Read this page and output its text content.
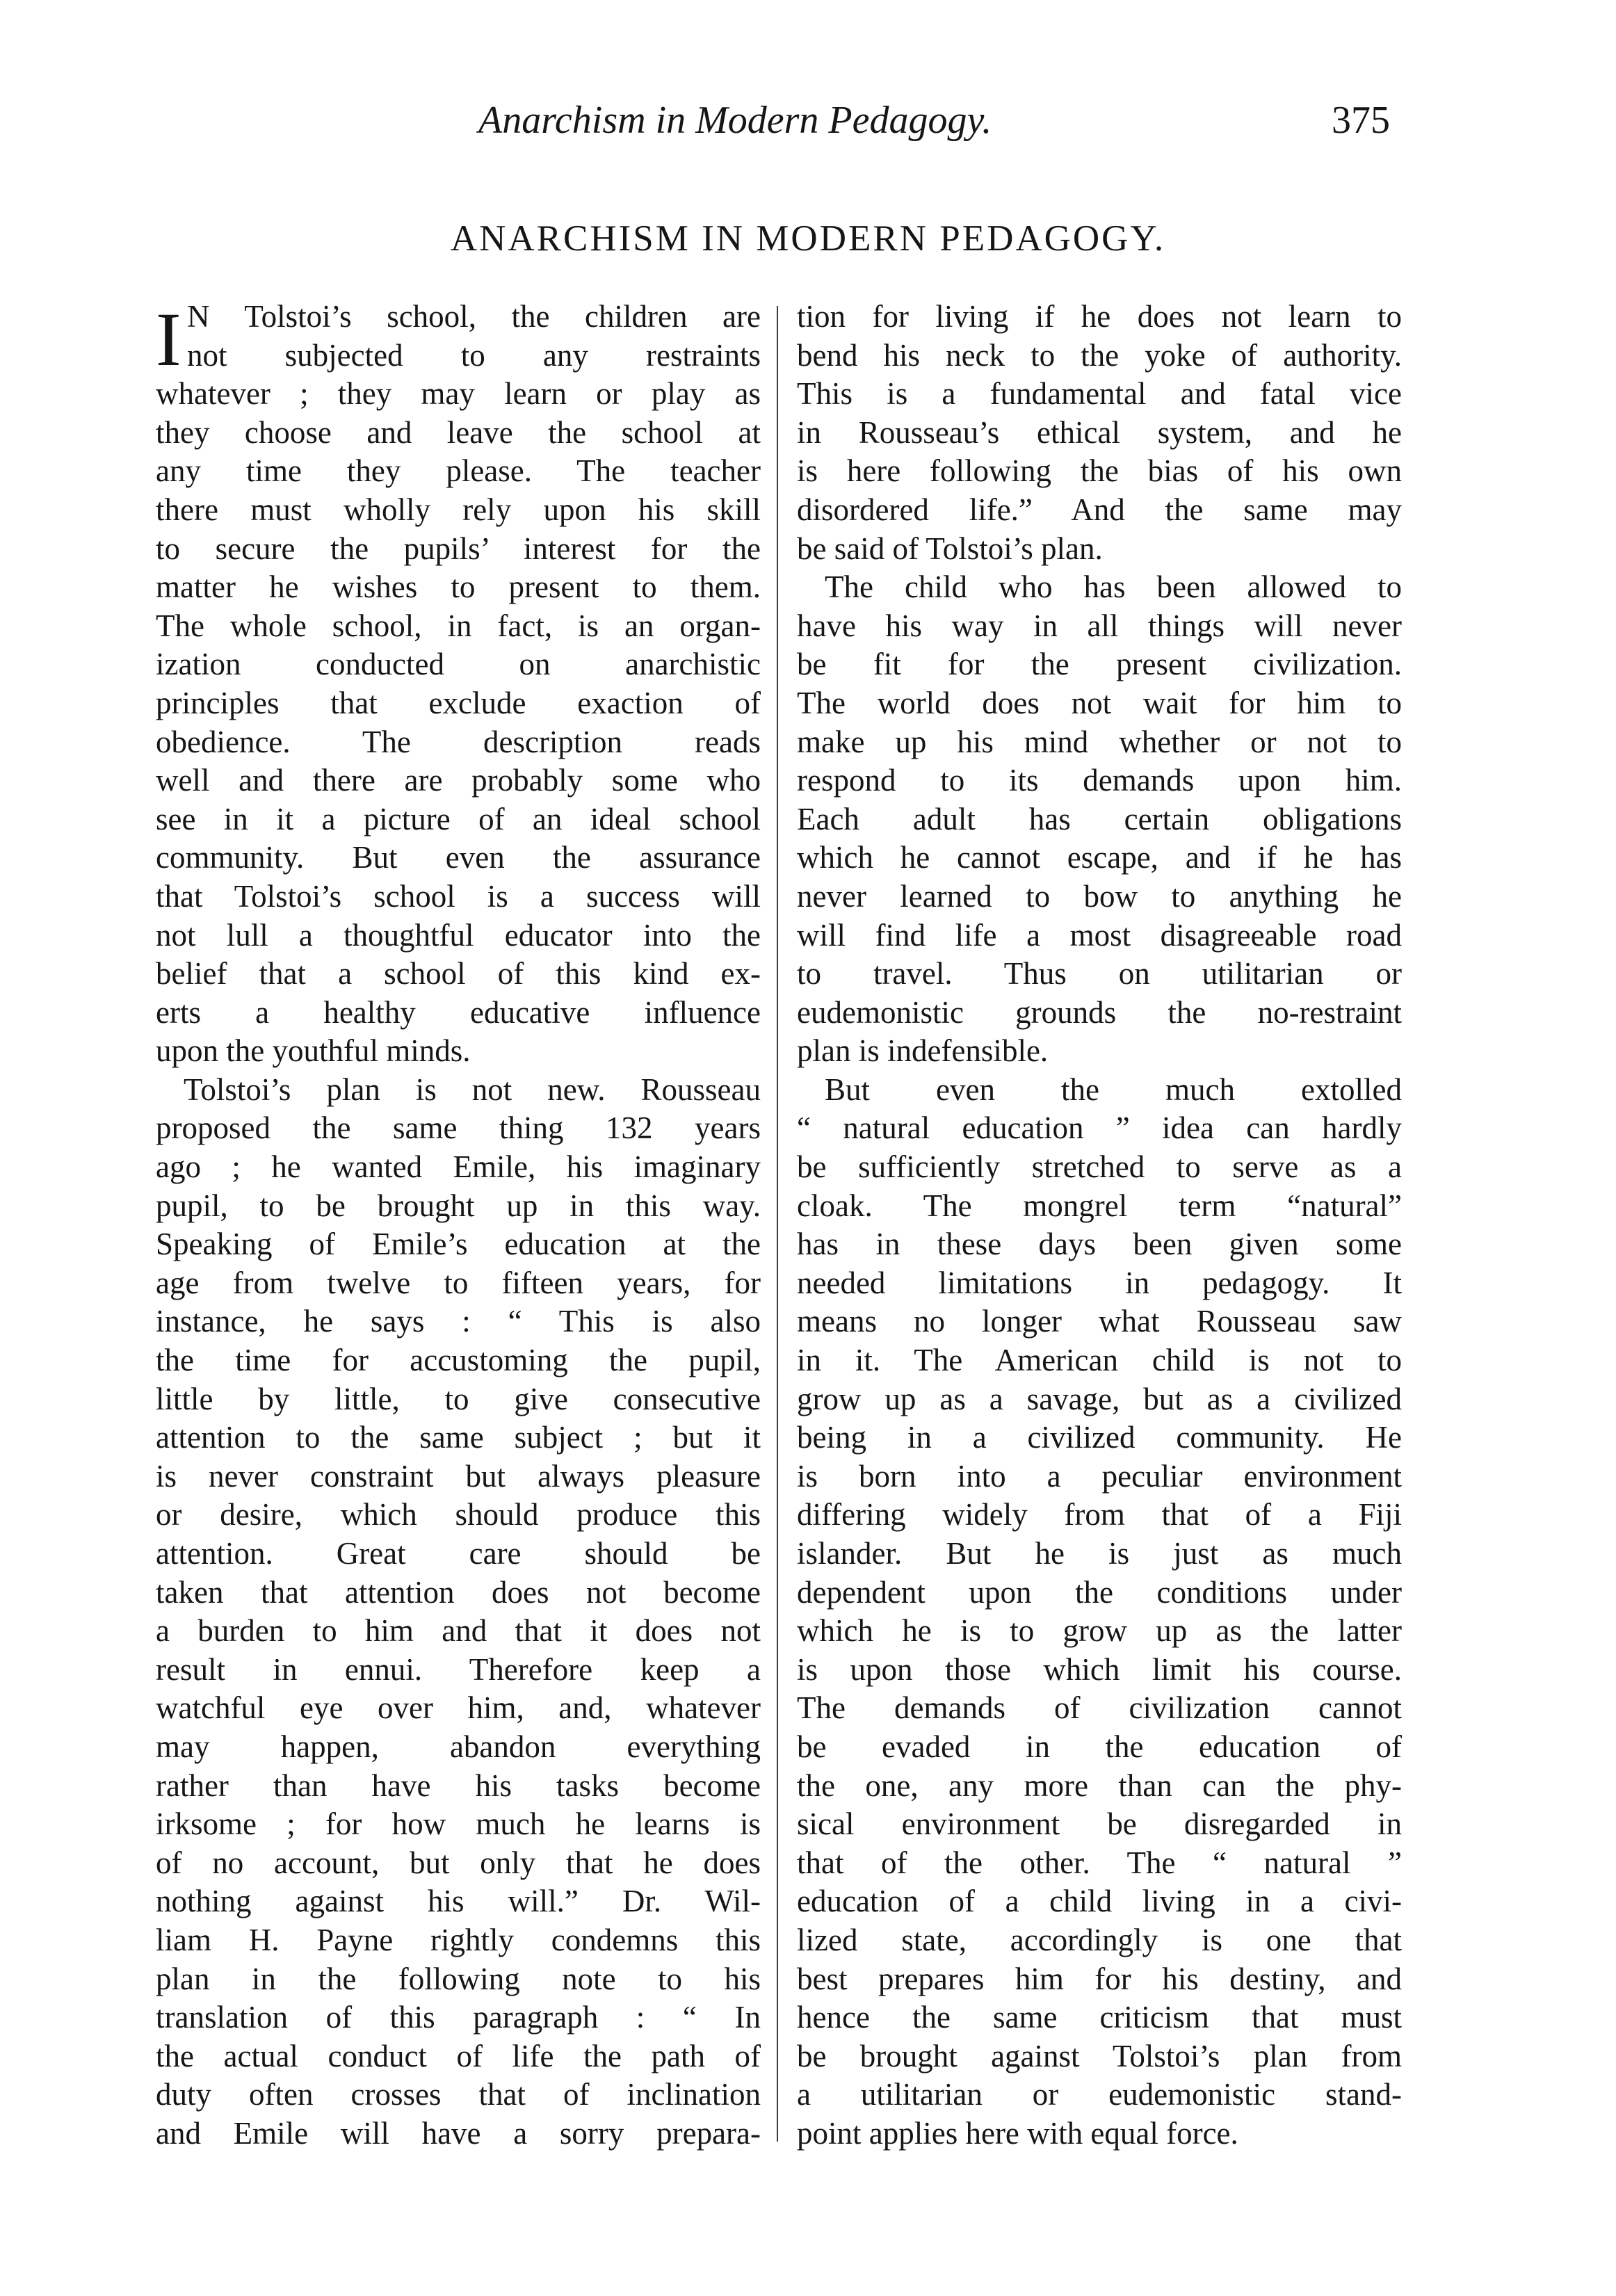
Anarchism in Modern Pedagogy.	375
ANARCHISM IN MODERN PEDAGOGY.
I N Tolstoi’s school, the children are
not subjected to any restraints
whatever ; they may learn or play as
they choose and leave the school at
any time they please. The teacher
there must wholly rely upon his skill
to secure the pupils’ interest for the
matter he wishes to present to them.
The whole school, in fact, is an organ-
ization conducted on anarchistic
principles that exclude exaction of
obedience. The description reads
well and there are probably some who
see in it a picture of an ideal school
community. But even the assurance
that Tolstoi’s school is a success will
not lull a thoughtful educator into the
belief that a school of this kind ex-
erts a healthy educative influence
upon the youthful minds.
Tolstoi’s plan is not new. Rousseau
proposed the same thing 132 years
ago ; he wanted Emile, his imaginary
pupil, to be brought up in this way.
Speaking of Emile’s education at the
age from twelve to fifteen years, for
instance, he says : “ This is also
the time for accustoming the pupil,
little by little, to give consecutive
attention to the same subject ; but it
is never constraint but always pleasure
or desire, which should produce this
attention. Great care should be
taken that attention does not become
a burden to him and that it does not
result in ennui. Therefore keep a
watchful eye over him, and, whatever
may happen, abandon everything
rather than have his tasks become
irksome ; for how much he learns is
of no account, but only that he does
nothing against his will.” Dr. Wil-
liam H. Payne rightly condemns this
plan in the following note to his
translation of this paragraph : “ In
the actual conduct of life the path of
duty often crosses that of inclination
and Emile will have a sorry prepara-
tion for living if he does not learn to
bend his neck to the yoke of authority.
This is a fundamental and fatal vice
in Rousseau’s ethical system, and he
is here following the bias of his own
disordered life.” And the same may
be said of Tolstoi’s plan.
The child who has been allowed to
have his way in all things will never
be fit for the present civilization.
The world does not wait for him to
make up his mind whether or not to
respond to its demands upon him.
Each adult has certain obligations
which he cannot escape, and if he has
never learned to bow to anything he
will find life a most disagreeable road
to travel. Thus on utilitarian or
eudemonistic grounds the no-restraint
plan is indefensible.
But even the much extolled
“ natural education ” idea can hardly
be sufficiently stretched to serve as a
cloak. The mongrel term “natural”
has in these days been given some
needed limitations in pedagogy. It
means no longer what Rousseau saw
in it. The American child is not to
grow up as a savage, but as a civilized
being in a civilized community. He
is born into a peculiar environment
differing widely from that of a Fiji
islander. But he is just as much
dependent upon the conditions under
which he is to grow up as the latter
is upon those which limit his course.
The demands of civilization cannot
be evaded in the education of
the one, any more than can the phy-
sical environment be disregarded in
that of the other. The “ natural ”
education of a child living in a civi-
lized state, accordingly is one that
best prepares him for his destiny, and
hence the same criticism that must
be brought against Tolstoi’s plan from
a utilitarian or eudemonistic stand-
point applies here with equal force.
